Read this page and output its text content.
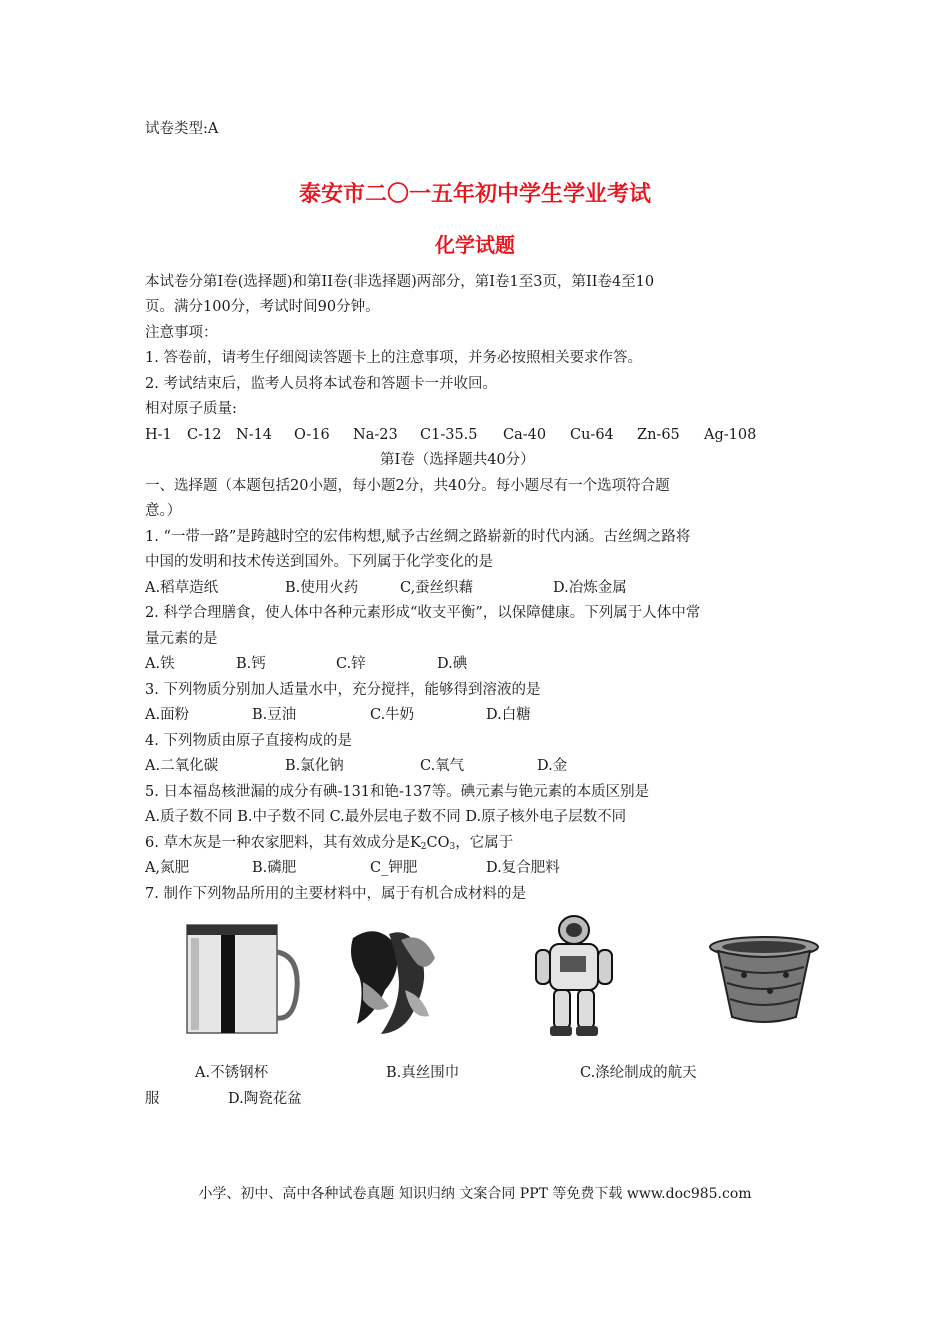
试卷类型:A
泰安市二〇一五年初中学生学业考试
化学试题
本试卷分第Ⅰ卷(选择题)和第II卷(非选择题)两部分，第Ⅰ卷1至3页，第II卷4至10
页。满分100分，考试时间90分钟。
注意事项：
1. 答卷前，请考生仔细阅读答题卡上的注意事项，并务必按照相关要求作答。
2. 考试结束后，监考人员将本试卷和答题卡一并收回。
相对原子质量:
H-1 C-12 N-14 O-16 Na-23 C1-35.5 Ca-40 Cu-64 Zn-65 Ag-108
第Ⅰ卷（选择题共40分）
一、选择题（本题包括20小题，每小题2分，共40分。每小题尽有一个选项符合题
意。）
1. “一带一路”是跨越时空的宏伟构想,赋予古丝绸之路崭新的时代内涵。古丝绸之路将
中国的发明和技术传送到国外。下列属于化学变化的是
A.稻草造纸	B.使用火药	C,蚕丝织藉	D.冶炼金属
2. 科学合理膳食，使人体中各种元素形成“收支平衡”，以保障健康。下列属于人体中常
量元素的是
A.铁	B.钙	C.锌	D.碘
3. 下列物质分别加人适量水中，充分搅拌，能够得到溶液的是
A.面粉	B.豆油	C.牛奶	D.白糖
4. 下列物质由原子直接构成的是
A.二氧化碳	B.氯化钠	C.氧气	D.金
5. 日本福岛核泄漏的成分有碘-131和铯-137等。碘元素与铯元素的本质区别是
A.质子数不同 B.中子数不同 C.最外层电子数不同 D.原子核外电子层数不同
6. 草木灰是一种农家肥料，其有效成分是$K_2CO_3$，它属于
A,氮肥	B.磷肥	C_钾肥	D.复合肥料
7. 制作下列物品所用的主要材料中，属于有机合成材料的是
A.不锈钢杯	B.真丝围巾	C.涤纶制成的航天
服	D.陶瓷花盆
小学、初中、高中各种试卷真题 知识归纳 文案合同 PPT 等免费下载 www.doc985.com
